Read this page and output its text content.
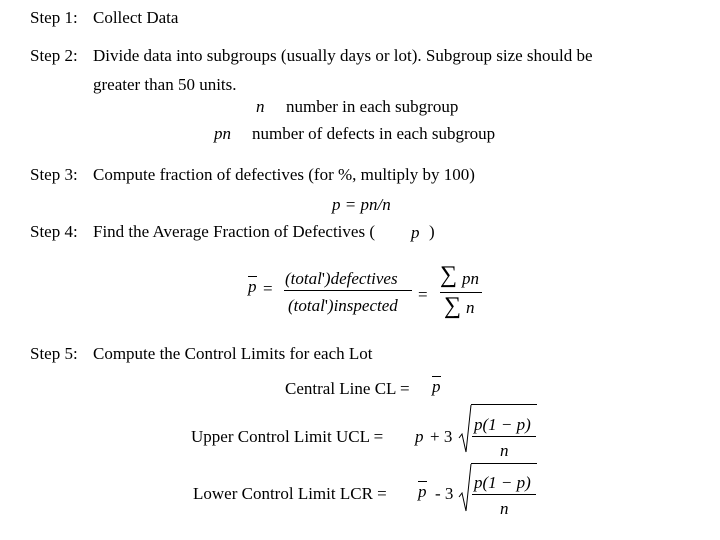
Step 1: Collect Data
Step 2: Divide data into subgroups (usually days or lot). Subgroup size should be
greater than 50 units.
n number in each subgroup
pn number of defects in each subgroup
Step 3: Compute fraction of defectives (for %, multiply by 100)
p = pn/n
Step 4: Find the Average Fraction of Defectives ( p )
p =
(total')defectives
(total')inspected
=
∑ pn
∑ n
Step 5: Compute the Control Limits for each Lot
Central Line CL = p
Upper Control Limit UCL = p + 3
p(1 − p)
n
Lower Control Limit LCR = p - 3
p(1 − p)
n
